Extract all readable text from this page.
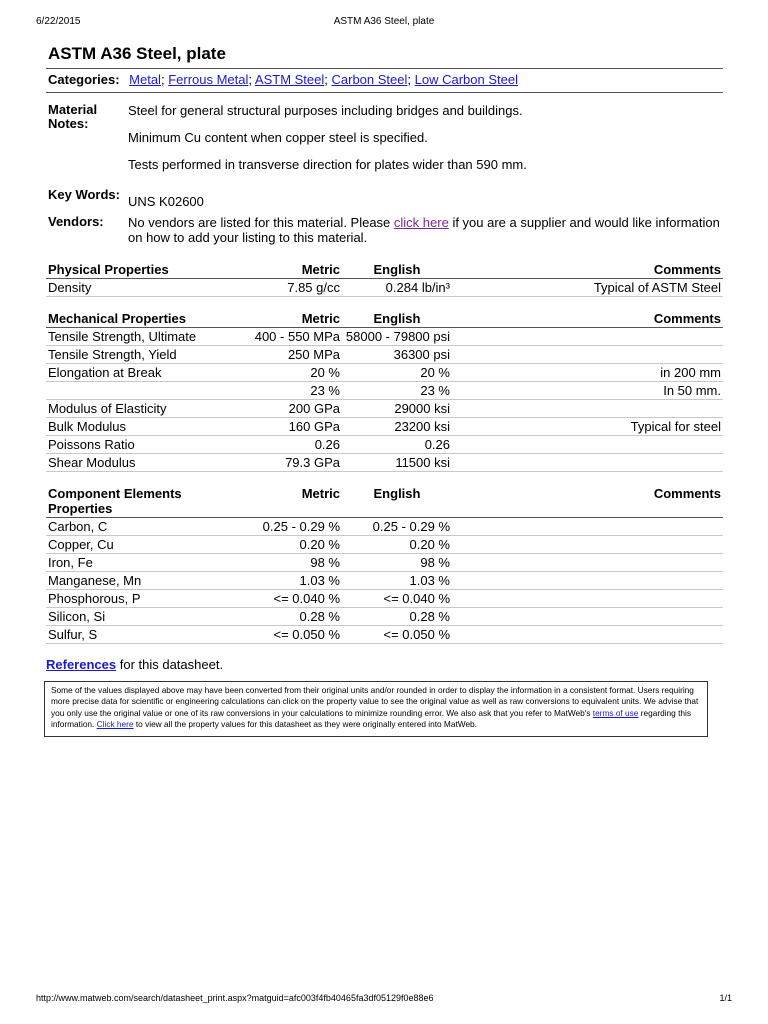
6/22/2015	ASTM A36 Steel, plate
ASTM A36 Steel, plate
Categories: Metal; Ferrous Metal; ASTM Steel; Carbon Steel; Low Carbon Steel
Material Notes:

Steel for general structural purposes including bridges and buildings.

Minimum Cu content when copper steel is specified.

Tests performed in transverse direction for plates wider than 590 mm.

Key Words: UNS K02600
Vendors:	No vendors are listed for this material. Please click here if you are a supplier and would like information on how to add your listing to this material.
Physical Properties	Metric	English	Comments
Density	7.85 g/cc	0.284 lb/in³	Typical of ASTM Steel

Mechanical Properties	Metric	English	Comments
Tensile Strength, Ultimate	400 - 550 MPa	58000 - 79800 psi	
Tensile Strength, Yield	250 MPa	36300 psi	
Elongation at Break	20 %	20 %	in 200 mm
	23 %	23 %	In 50 mm.
Modulus of Elasticity	200 GPa	29000 ksi	
Bulk Modulus	160 GPa	23200 ksi	Typical for steel
Poissons Ratio	0.26	0.26	
Shear Modulus	79.3 GPa	11500 ksi	

Component Elements Properties	Metric	English	Comments
Carbon, C	0.25 - 0.29 %	0.25 - 0.29 %	
Copper, Cu	0.20 %	0.20 %	
Iron, Fe	98 %	98 %	
Manganese, Mn	1.03 %	1.03 %	
Phosphorous, P	<= 0.040 %	<= 0.040 %	
Silicon, Si	0.28 %	0.28 %	
Sulfur, S	<= 0.050 %	<= 0.050 %	
References for this datasheet.
Some of the values displayed above may have been converted from their original units and/or rounded in order to display the information in a consistent format. Users requiring more precise data for scientific or engineering calculations can click on the property value to see the original value as well as raw conversions to equivalent units. We advise that you only use the original value or one of its raw conversions in your calculations to minimize rounding error. We also ask that you refer to MatWeb's terms of use regarding this information. Click here to view all the property values for this datasheet as they were originally entered into MatWeb.
http://www.matweb.com/search/datasheet_print.aspx?matguid=afc003f4fb40465fa3df05129f0e88e6	1/1
